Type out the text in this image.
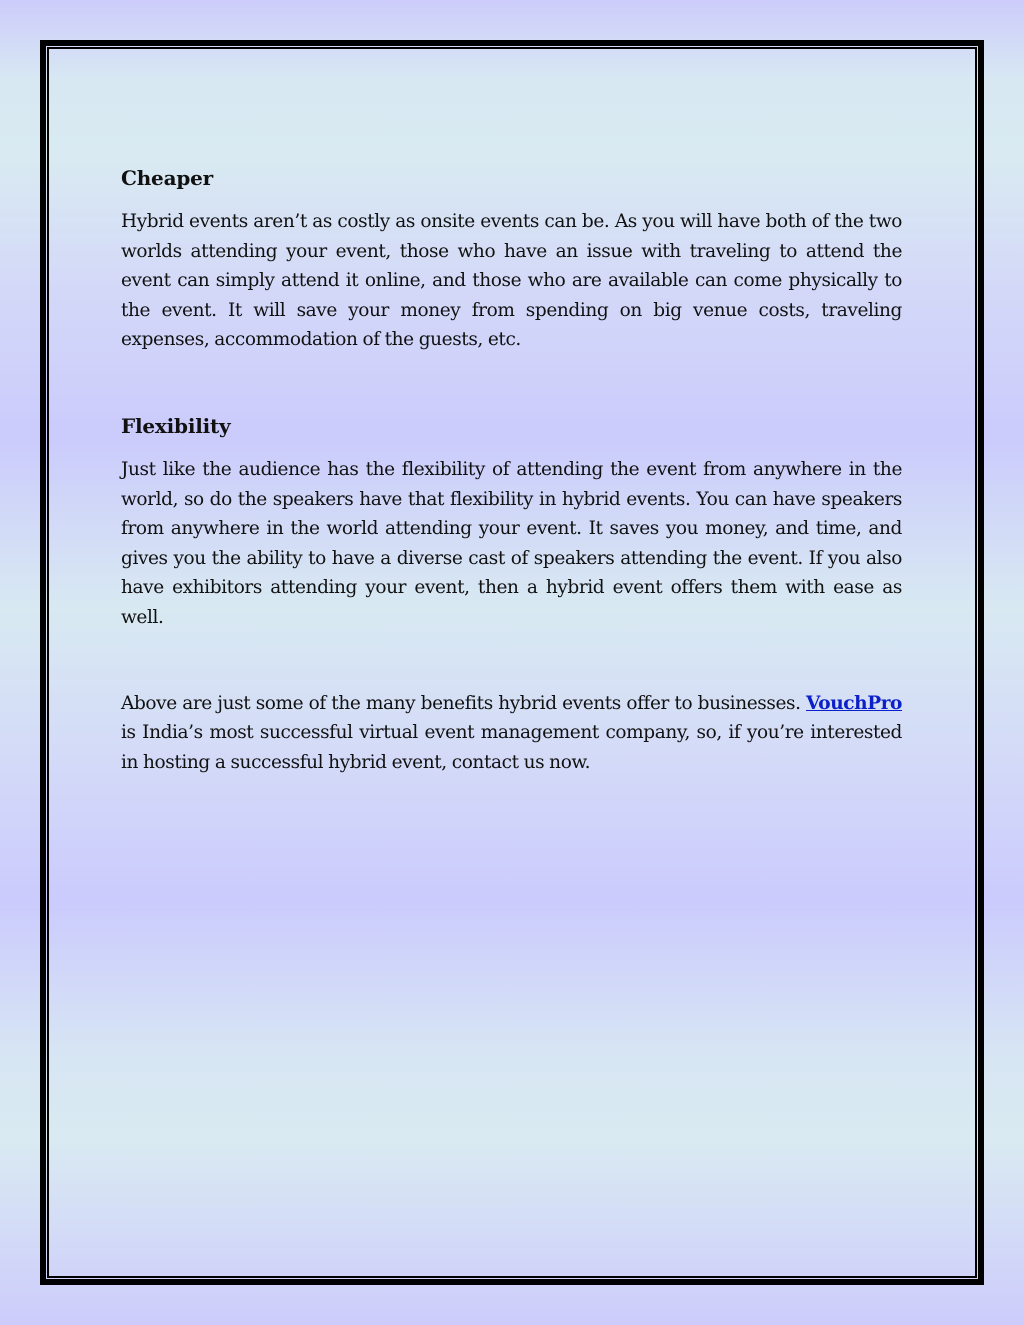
Cheaper

Hybrid events aren’t as costly as onsite events can be. As you will have both of the two worlds attending your event, those who have an issue with traveling to attend the event can simply attend it online, and those who are available can come physically to the event. It will save your money from spending on big venue costs, traveling expenses, accommodation of the guests, etc.

Flexibility

Just like the audience has the flexibility of attending the event from anywhere in the world, so do the speakers have that flexibility in hybrid events. You can have speakers from anywhere in the world attending your event. It saves you money, and time, and gives you the ability to have a diverse cast of speakers attending the event. If you also have exhibitors attending your event, then a hybrid event offers them with ease as well.

Above are just some of the many benefits hybrid events offer to businesses. VouchPro is India’s most successful virtual event management company, so, if you’re interested in hosting a successful hybrid event, contact us now.
